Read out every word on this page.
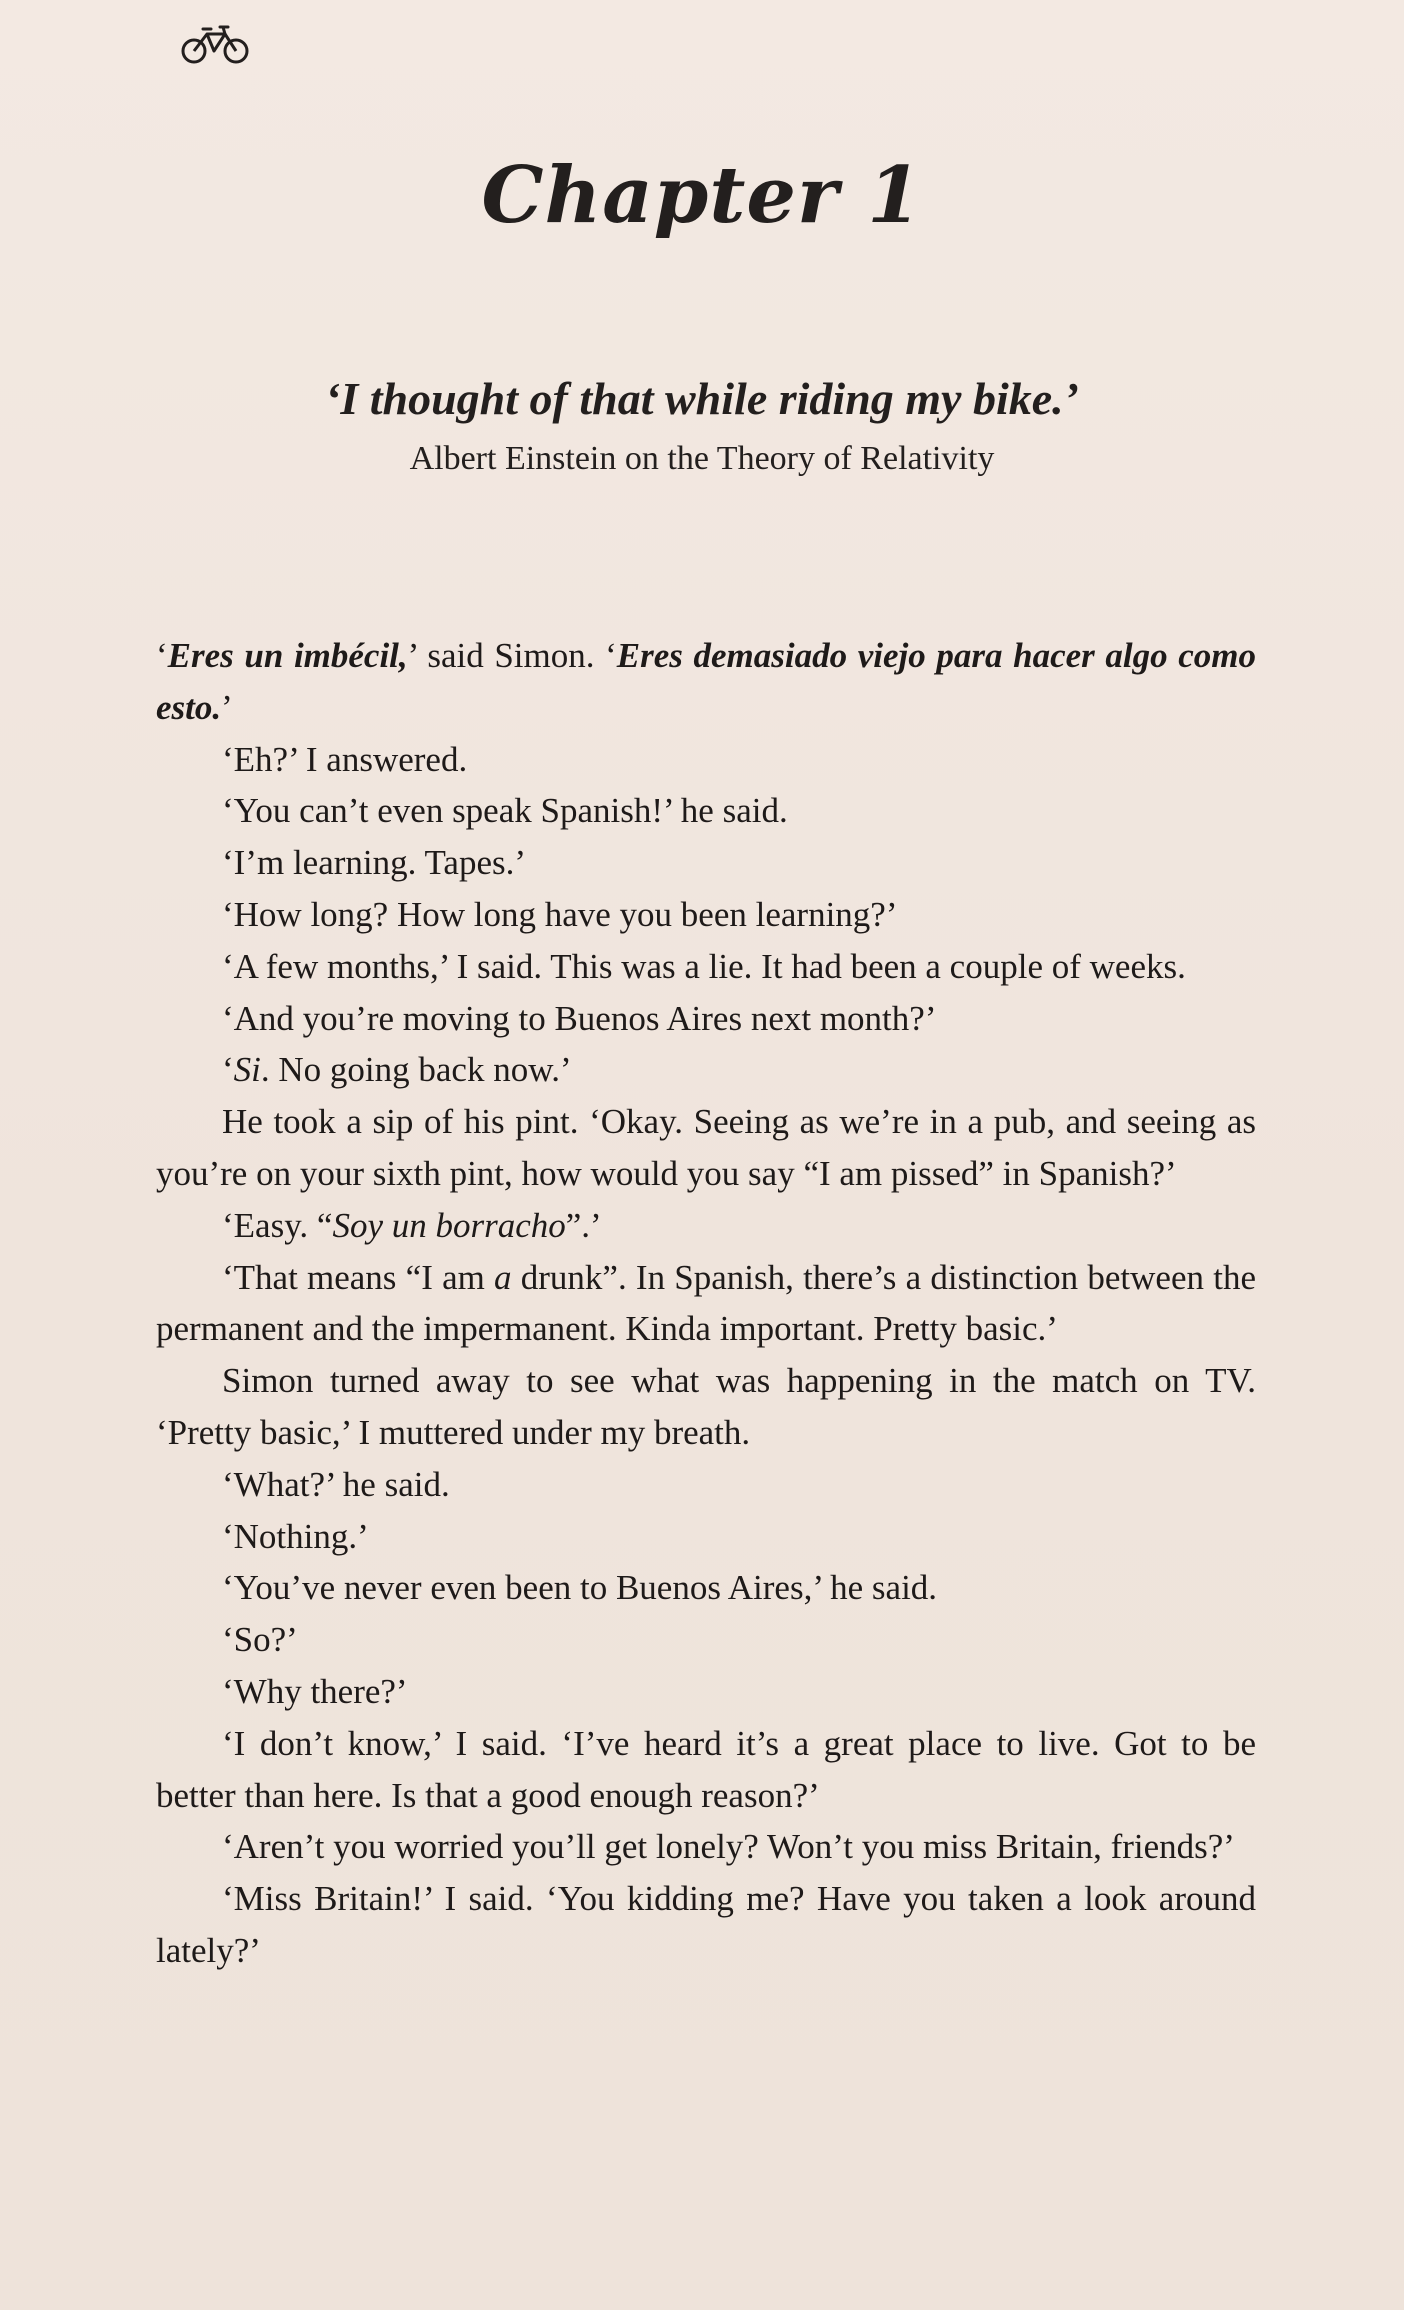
Chapter 1
‘I thought of that while riding my bike.’
Albert Einstein on the Theory of Relativity

‘Eres un imbécil,’ said Simon. ‘Eres demasiado viejo para hacer algo como esto.’

‘Eh?’ I answered.

‘You can’t even speak Spanish!’ he said.

‘I’m learning. Tapes.’

‘How long? How long have you been learning?’

‘A few months,’ I said. This was a lie. It had been a couple of weeks.

‘And you’re moving to Buenos Aires next month?’

‘Si. No going back now.’

He took a sip of his pint. ‘Okay. Seeing as we’re in a pub, and seeing as you’re on your sixth pint, how would you say “I am pissed” in Spanish?’

‘Easy. “Soy un borracho”.’

‘That means “I am a drunk”. In Spanish, there’s a distinction between the permanent and the impermanent. Kinda important. Pretty basic.’

Simon turned away to see what was happening in the match on TV. ‘Pretty basic,’ I muttered under my breath.

‘What?’ he said.

‘Nothing.’

‘You’ve never even been to Buenos Aires,’ he said.

‘So?’

‘Why there?’

‘I don’t know,’ I said. ‘I’ve heard it’s a great place to live. Got to be better than here. Is that a good enough reason?’

‘Aren’t you worried you’ll get lonely? Won’t you miss Britain, friends?’

‘Miss Britain!’ I said. ‘You kidding me? Have you taken a look around lately?’
